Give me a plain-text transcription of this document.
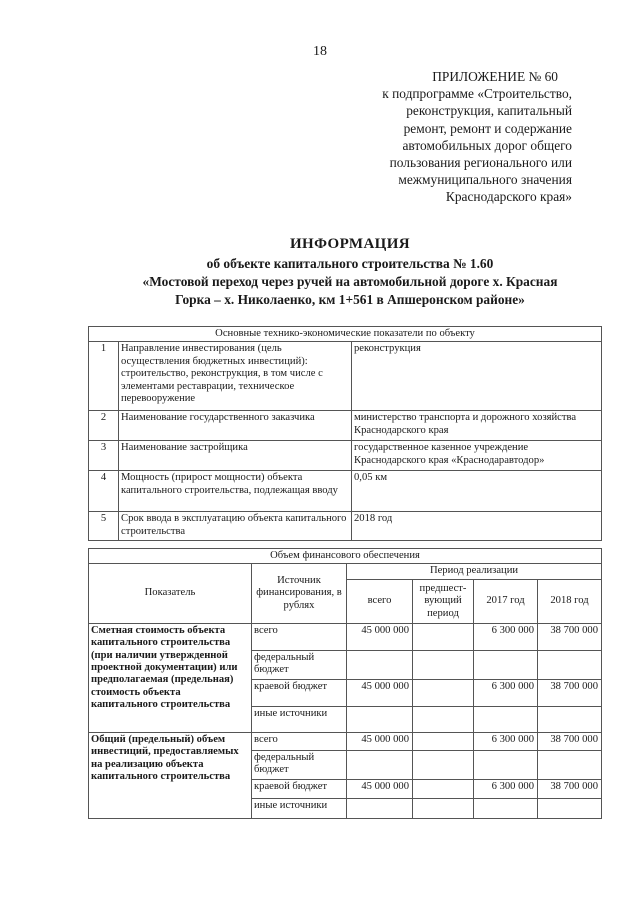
18
ПРИЛОЖЕНИЕ № 60
к подпрограмме «Строительство,
реконструкция, капитальный
ремонт, ремонт и содержание
автомобильных дорог общего
пользования регионального или
межмуниципального значения
Краснодарского края»
ИНФОРМАЦИЯ
об объекте капитального строительства № 1.60
«Мостовой переход через ручей на автомобильной дороге х. Красная
Горка – х. Николаенко, км 1+561 в Апшеронском районе»
Основные технико-экономические показатели по объекту		
1	Направление инвестирования (цель осуществления бюджетных инвестиций): строительство, реконструкция, в том числе с элементами реставрации, техническое перевооружение	реконструкция
2	Наименование государственного заказчика	министерство транспорта и дорожного хозяйства Краснодарского края
3	Наименование застройщика	государственное казенное учреждение Краснодарского края «Краснодаравтодор»
4	Мощность (прирост мощности) объекта капитального строительства, подлежащая вводу	0,05 км
5	Срок ввода в эксплуатацию объекта капитального строительства	2018 год
Объем финансового обеспечения					
Показатель	Источник финансирования, в рублях	Период реализации			
		всего	предшест-вующий период	2017 год	2018 год
Сметная стоимость объекта капитального строительства (при наличии утвержденной проектной документации) или предполагаемая (предельная) стоимость объекта капитального строительства	всего	45 000 000		6 300 000	38 700 000
	федеральный бюджет				
	краевой бюджет	45 000 000		6 300 000	38 700 000
	иные источники				
Общий (предельный) объем инвестиций, предоставляемых на реализацию объекта капитального строительства	всего	45 000 000		6 300 000	38 700 000
	федеральный бюджет				
	краевой бюджет	45 000 000		6 300 000	38 700 000
	иные источники				
